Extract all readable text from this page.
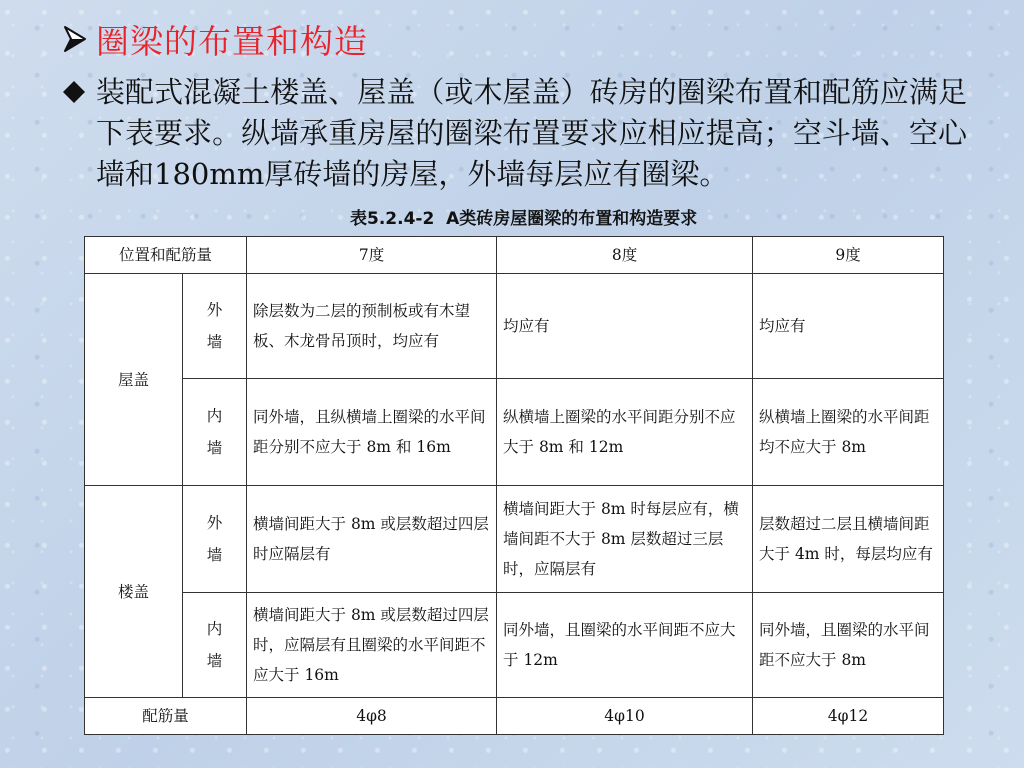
圈梁的布置和构造
装配式混凝土楼盖、屋盖（或木屋盖）砖房的圈梁布置和配筋应满足下表要求。纵墙承重房屋的圈梁布置要求应相应提高；空斗墙、空心墙和180mm厚砖墙的房屋，外墙每层应有圈梁。
表5.2.4-2  A类砖房屋圈梁的布置和构造要求
位置和配筋量		7度	8度	9度
屋盖	外墙	除层数为二层的预制板或有木望板、木龙骨吊顶时，均应有	均应有	均应有
	内墙	同外墙，且纵横墙上圈梁的水平间距分别不应大于 8m 和 16m	纵横墙上圈梁的水平间距分别不应大于 8m 和 12m	纵横墙上圈梁的水平间距均不应大于 8m
楼盖	外墙	横墙间距大于 8m 或层数超过四层时应隔层有	横墙间距大于 8m 时每层应有，横墙间距不大于 8m 层数超过三层时，应隔层有	层数超过二层且横墙间距大于 4m 时，每层均应有
	内墙	横墙间距大于 8m 或层数超过四层时，应隔层有且圈梁的水平间距不应大于 16m	同外墙，且圈梁的水平间距不应大于 12m	同外墙，且圈梁的水平间距不应大于 8m
配筋量		4φ8	4φ10	4φ12
